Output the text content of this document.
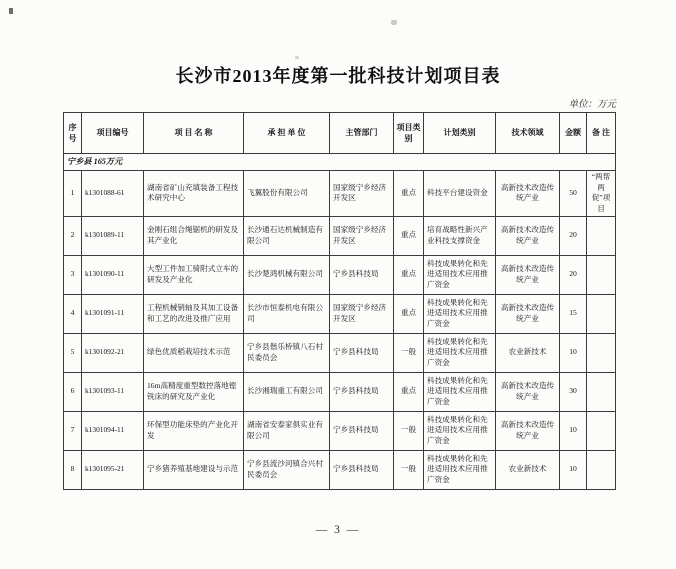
长沙市2013年度第一批科技计划项目表
单位：万元
序号	项目编号	项 目 名 称	承 担 单 位	主管部门	项目类别	计划类别	技术领域	金额	备 注
宁乡县 165万元									
1	k1301088-61	湖南省矿山充填装备工程技术研究中心	飞翼股份有限公司	国家级宁乡经济开发区	重点	科技平台建设资金	高新技术改造传统产业	50	“两帮两促”项目
2	k1301089-11	金刚石组合绳锯机的研发及其产业化	长沙通石达机械制造有限公司	国家级宁乡经济开发区	重点	培育战略性新兴产业科技支撑资金	高新技术改造传统产业	20	
3	k1301090-11	大型工件加工骑附式立车的研发及产业化	长沙楚鸿机械有限公司	宁乡县科技局	重点	科技成果转化和先进适用技术应用推广资金	高新技术改造传统产业	20	
4	k1301091-11	工程机械销轴及其加工设备和工艺的改进及推广应用	长沙市恒泰机电有限公司	国家级宁乡经济开发区	重点	科技成果转化和先进适用技术应用推广资金	高新技术改造传统产业	15	
5	k1301092-21	绿色优质稻栽培技术示范	宁乡县偕乐桥镇八石村民委员会	宁乡县科技局	一般	科技成果转化和先进适用技术应用推广资金	农业新技术	10	
6	k1301093-11	16m高精度重型数控落地镗铣床的研究及产业化	长沙湘瑞重工有限公司	宁乡县科技局	重点	科技成果转化和先进适用技术应用推广资金	高新技术改造传统产业	30	
7	k1301094-11	环保型功能床垫的产业化开发	湖南省安泰家俱实业有限公司	宁乡县科技局	一般	科技成果转化和先进适用技术应用推广资金	高新技术改造传统产业	10	
8	k1301095-21	宁乡猪养殖基地建设与示范	宁乡县流沙河镇合兴村民委员会	宁乡县科技局	一般	科技成果转化和先进适用技术应用推广资金	农业新技术	10	
— 3 —
